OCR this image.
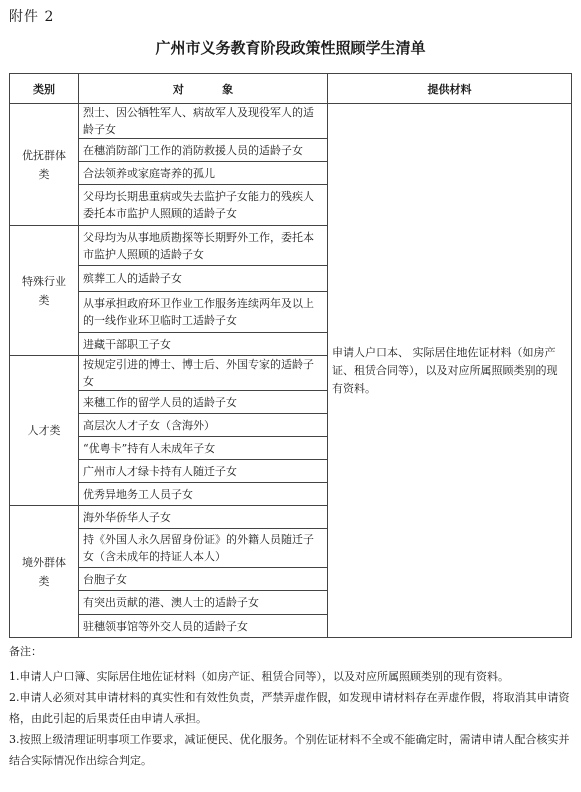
附件 2
广州市义务教育阶段政策性照顾学生清单
类别	对          象	提供材料
优抚群体类	烈士、因公牺牲军人、病故军人及现役军人的适龄子女	申请人户口本、 实际居住地佐证材料（如房产证、租赁合同等），以及对应所属照顾类别的现有资料。
	在穗消防部门工作的消防救援人员的适龄子女	
	合法领养或家庭寄养的孤儿	
	父母均长期患重病或失去监护子女能力的残疾人委托本市监护人照顾的适龄子女	
特殊行业类	父母均为从事地质勘探等长期野外工作，委托本市监护人照顾的适龄子女	
	殡葬工人的适龄子女	
	从事承担政府环卫作业工作服务连续两年及以上的一线作业环卫临时工适龄子女	
	进藏干部职工子女	
人才类	按规定引进的博士、博士后、外国专家的适龄子女	
	来穗工作的留学人员的适龄子女	
	高层次人才子女（含海外）	
	“优粤卡”持有人未成年子女	
	广州市人才绿卡持有人随迁子女	
	优秀异地务工人员子女	
境外群体类	海外华侨华人子女	
	持《外国人永久居留身份证》的外籍人员随迁子女（含未成年的持证人本人）	
	台胞子女	
	有突出贡献的港、澳人士的适龄子女	
	驻穗领事馆等外交人员的适龄子女	

备注：

1.申请人户口簿、实际居住地佐证材料（如房产证、租赁合同等），以及对应所属照顾类别的现有资料。

2.申请人必须对其申请材料的真实性和有效性负责，严禁弄虚作假，如发现申请材料存在弄虚作假，将取消其申请资格，由此引起的后果责任由申请人承担。

3.按照上级清理证明事项工作要求，减证便民、优化服务。个别佐证材料不全或不能确定时，需请申请人配合核实并结合实际情况作出综合判定。
